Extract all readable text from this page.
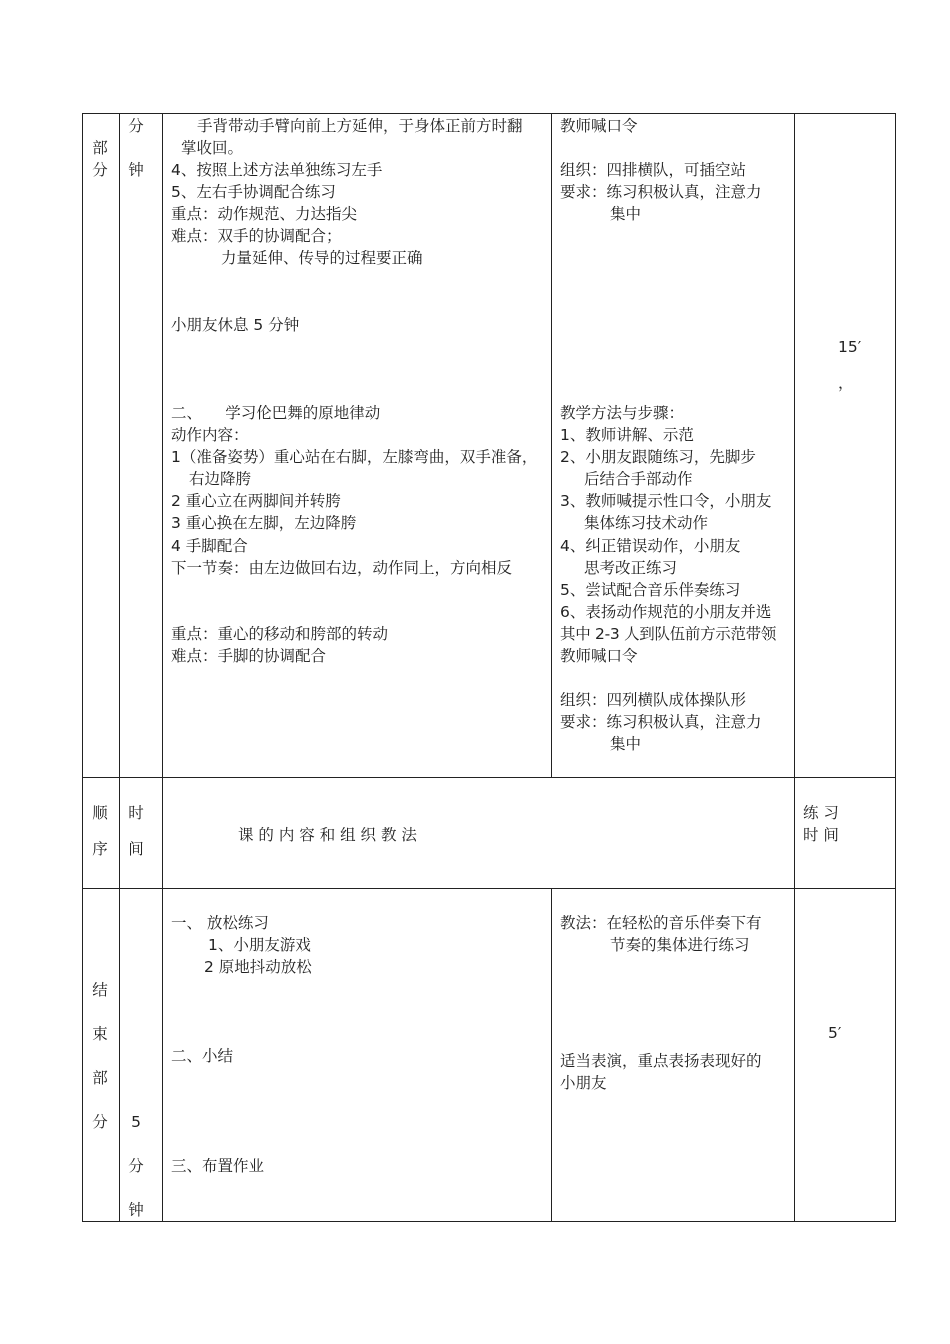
部
分
分
钟
手背带动手臂向前上方延伸，于身体正前方时翻
掌收回。
4、按照上述方法单独练习左手
5、左右手协调配合练习
重点：动作规范、力达指尖
难点：双手的协调配合；
力量延伸、传导的过程要正确
小朋友休息 5 分钟
二、　　学习伦巴舞的原地律动
动作内容：
1（准备姿势）重心站在右脚，左膝弯曲，双手准备，
右边降胯
2 重心立在两脚间并转胯
3 重心换在左脚，左边降胯
4 手脚配合
下一节奏：由左边做回右边，动作同上，方向相反
重点：重心的移动和胯部的转动
难点：手脚的协调配合
教师喊口令
组织：四排横队，可插空站
要求：练习积极认真，注意力
集中
教学方法与步骤：
1、教师讲解、示范
2、小朋友跟随练习，先脚步
后结合手部动作
3、教师喊提示性口令，小朋友
集体练习技术动作
4、纠正错误动作，小朋友
思考改正练习
5、尝试配合音乐伴奏练习
6、表扬动作规范的小朋友并选
其中 2-3 人到队伍前方示范带领
教师喊口令
组织：四列横队成体操队形
要求：练习积极认真，注意力
集中
15′
，
顺
序
时
间
课 的 内 容 和 组 织 教 法
练 习
时 间
结
束
部
分 5
分
钟
一、 放松练习
1、小朋友游戏
2 原地抖动放松
二、小结
三、布置作业
教法：在轻松的音乐伴奏下有
节奏的集体进行练习
适当表演，重点表扬表现好的
小朋友
5′
